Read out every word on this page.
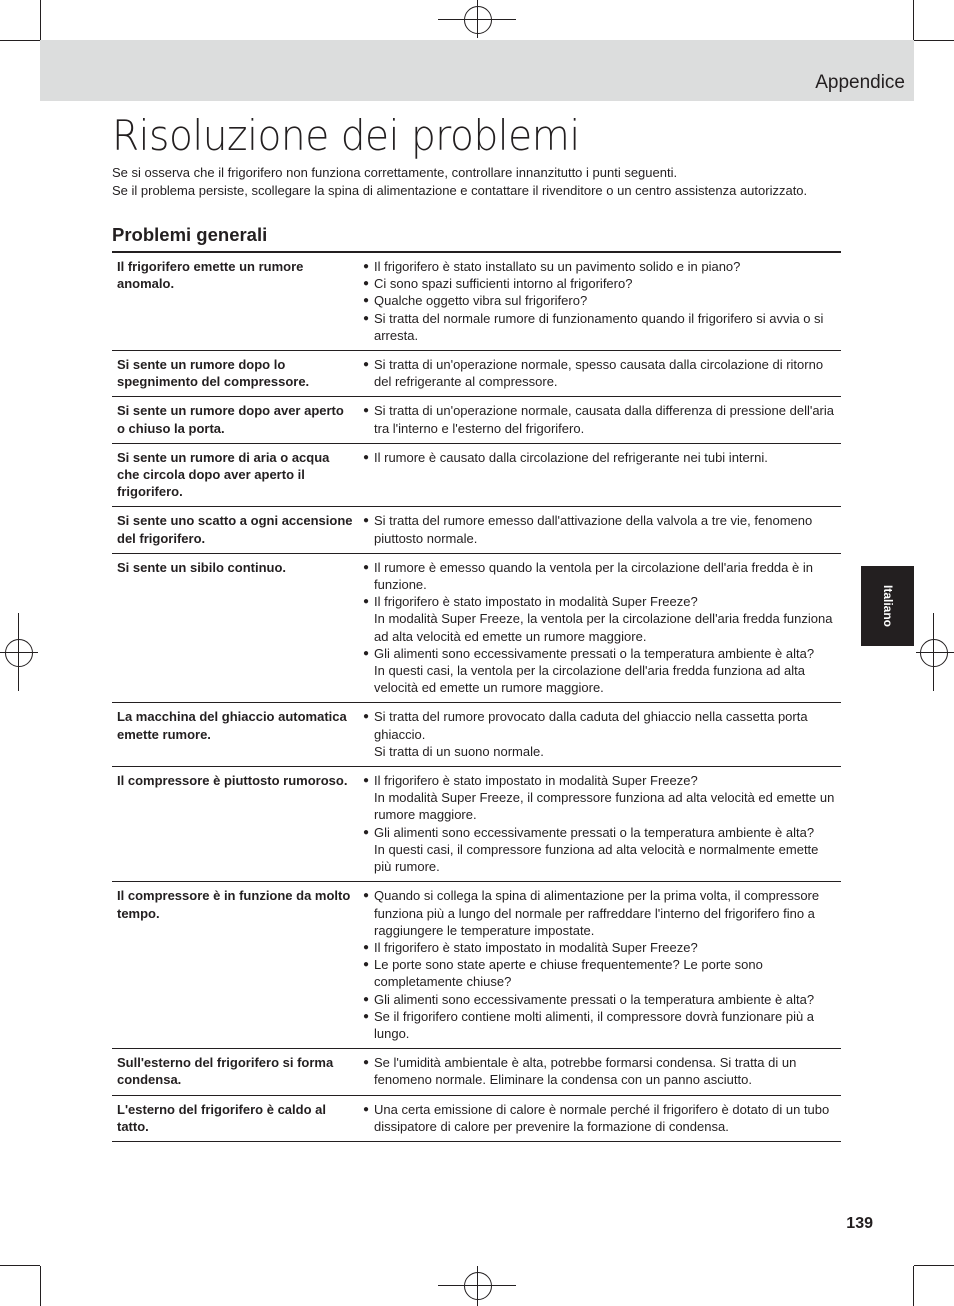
Appendice
Risoluzione dei problemi

Se si osserva che il frigorifero non funziona correttamente, controllare innanzitutto i punti seguenti.

Se il problema persiste, scollegare la spina di alimentazione e contattare il rivenditore o un centro assistenza autorizzato.

Problemi generali
Il frigorifero emette un rumore anomalo.	● Il frigorifero è stato installato su un pavimento solido e in piano?
● Ci sono spazi sufficienti intorno al frigorifero?
● Qualche oggetto vibra sul frigorifero?
● Si tratta del normale rumore di funzionamento quando il frigorifero si avvia o si arresta.

Si sente un rumore dopo lo spegnimento del compressore.	● Si tratta di un'operazione normale, spesso causata dalla circolazione di ritorno del refrigerante al compressore.

Si sente un rumore dopo aver aperto o chiuso la porta.	● Si tratta di un'operazione normale, causata dalla differenza di pressione dell'aria tra l'interno e l'esterno del frigorifero.

Si sente un rumore di aria o acqua che circola dopo aver aperto il frigorifero.	● Il rumore è causato dalla circolazione del refrigerante nei tubi interni.

Si sente uno scatto a ogni accensione del frigorifero.	● Si tratta del rumore emesso dall'attivazione della valvola a tre vie, fenomeno piuttosto normale.

Si sente un sibilo continuo.	● Il rumore è emesso quando la ventola per la circolazione dell'aria fredda è in funzione.
● Il frigorifero è stato impostato in modalità Super Freeze?
In modalità Super Freeze, la ventola per la circolazione dell'aria fredda funziona ad alta velocità ed emette un rumore maggiore.
● Gli alimenti sono eccessivamente pressati o la temperatura ambiente è alta?
In questi casi, la ventola per la circolazione dell'aria fredda funziona ad alta velocità ed emette un rumore maggiore.

La macchina del ghiaccio automatica emette rumore.	● Si tratta del rumore provocato dalla caduta del ghiaccio nella cassetta porta ghiaccio.
Si tratta di un suono normale.

Il compressore è piuttosto rumoroso.	● Il frigorifero è stato impostato in modalità Super Freeze?
In modalità Super Freeze, il compressore funziona ad alta velocità ed emette un rumore maggiore.
● Gli alimenti sono eccessivamente pressati o la temperatura ambiente è alta?
In questi casi, il compressore funziona ad alta velocità e normalmente emette più rumore.

Il compressore è in funzione da molto tempo.	● Quando si collega la spina di alimentazione per la prima volta, il compressore funziona più a lungo del normale per raffreddare l'interno del frigorifero fino a raggiungere le temperature impostate.
● Il frigorifero è stato impostato in modalità Super Freeze?
● Le porte sono state aperte e chiuse frequentemente? Le porte sono completamente chiuse?
● Gli alimenti sono eccessivamente pressati o la temperatura ambiente è alta?
● Se il frigorifero contiene molti alimenti, il compressore dovrà funzionare più a lungo.

Sull'esterno del frigorifero si forma condensa.	● Se l'umidità ambientale è alta, potrebbe formarsi condensa. Si tratta di un fenomeno normale. Eliminare la condensa con un panno asciutto.

L'esterno del frigorifero è caldo al tatto.	● Una certa emissione di calore è normale perché il frigorifero è dotato di un tubo dissipatore di calore per prevenire la formazione di condensa.
Italiano
139
